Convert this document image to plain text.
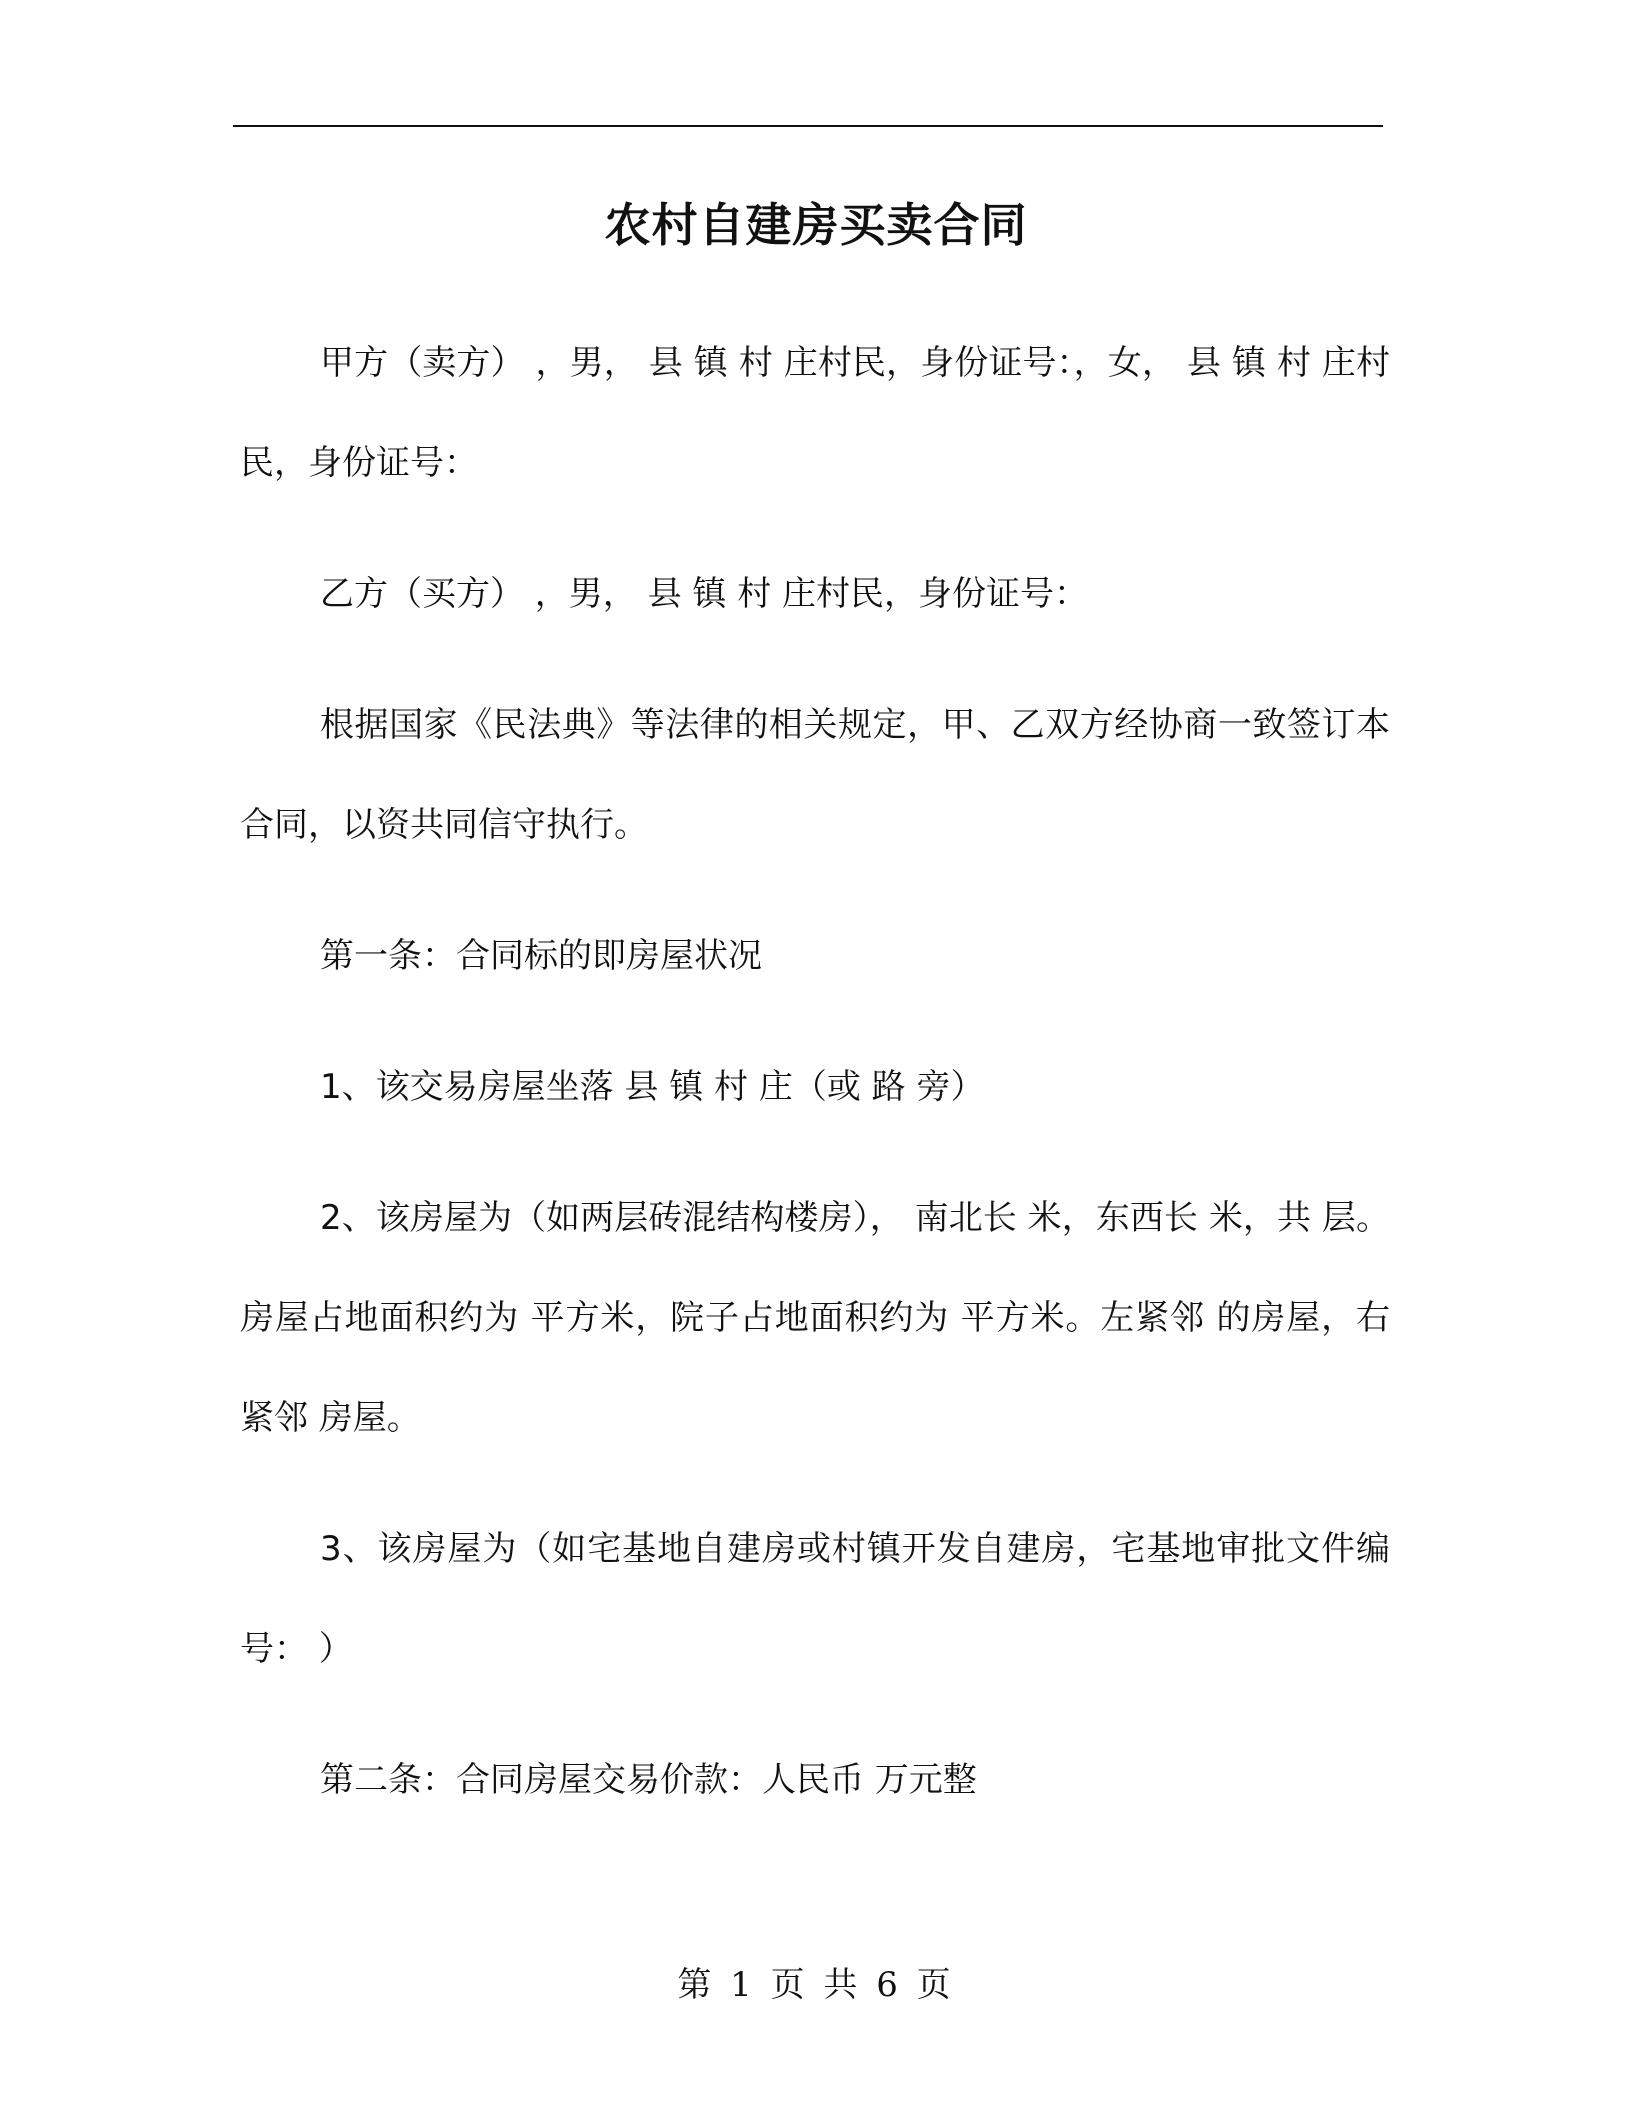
农村自建房买卖合同

甲方（卖方） ，男， 县 镇 村 庄村民，身份证号：，女， 县 镇 村 庄村民，身份证号：

乙方（买方） ，男， 县 镇 村 庄村民，身份证号：

根据国家《民法典》等法律的相关规定，甲、乙双方经协商一致签订本合同，以资共同信守执行。

第一条：合同标的即房屋状况

1、该交易房屋坐落 县 镇 村 庄（或 路 旁）

2、该房屋为（如两层砖混结构楼房）， 南北长 米，东西长 米，共 层。房屋占地面积约为 平方米，院子占地面积约为 平方米。左紧邻 的房屋，右紧邻 房屋。

3、该房屋为（如宅基地自建房或村镇开发自建房，宅基地审批文件编号： ）

第二条：合同房屋交易价款：人民币 万元整

第 1 页 共 6 页
